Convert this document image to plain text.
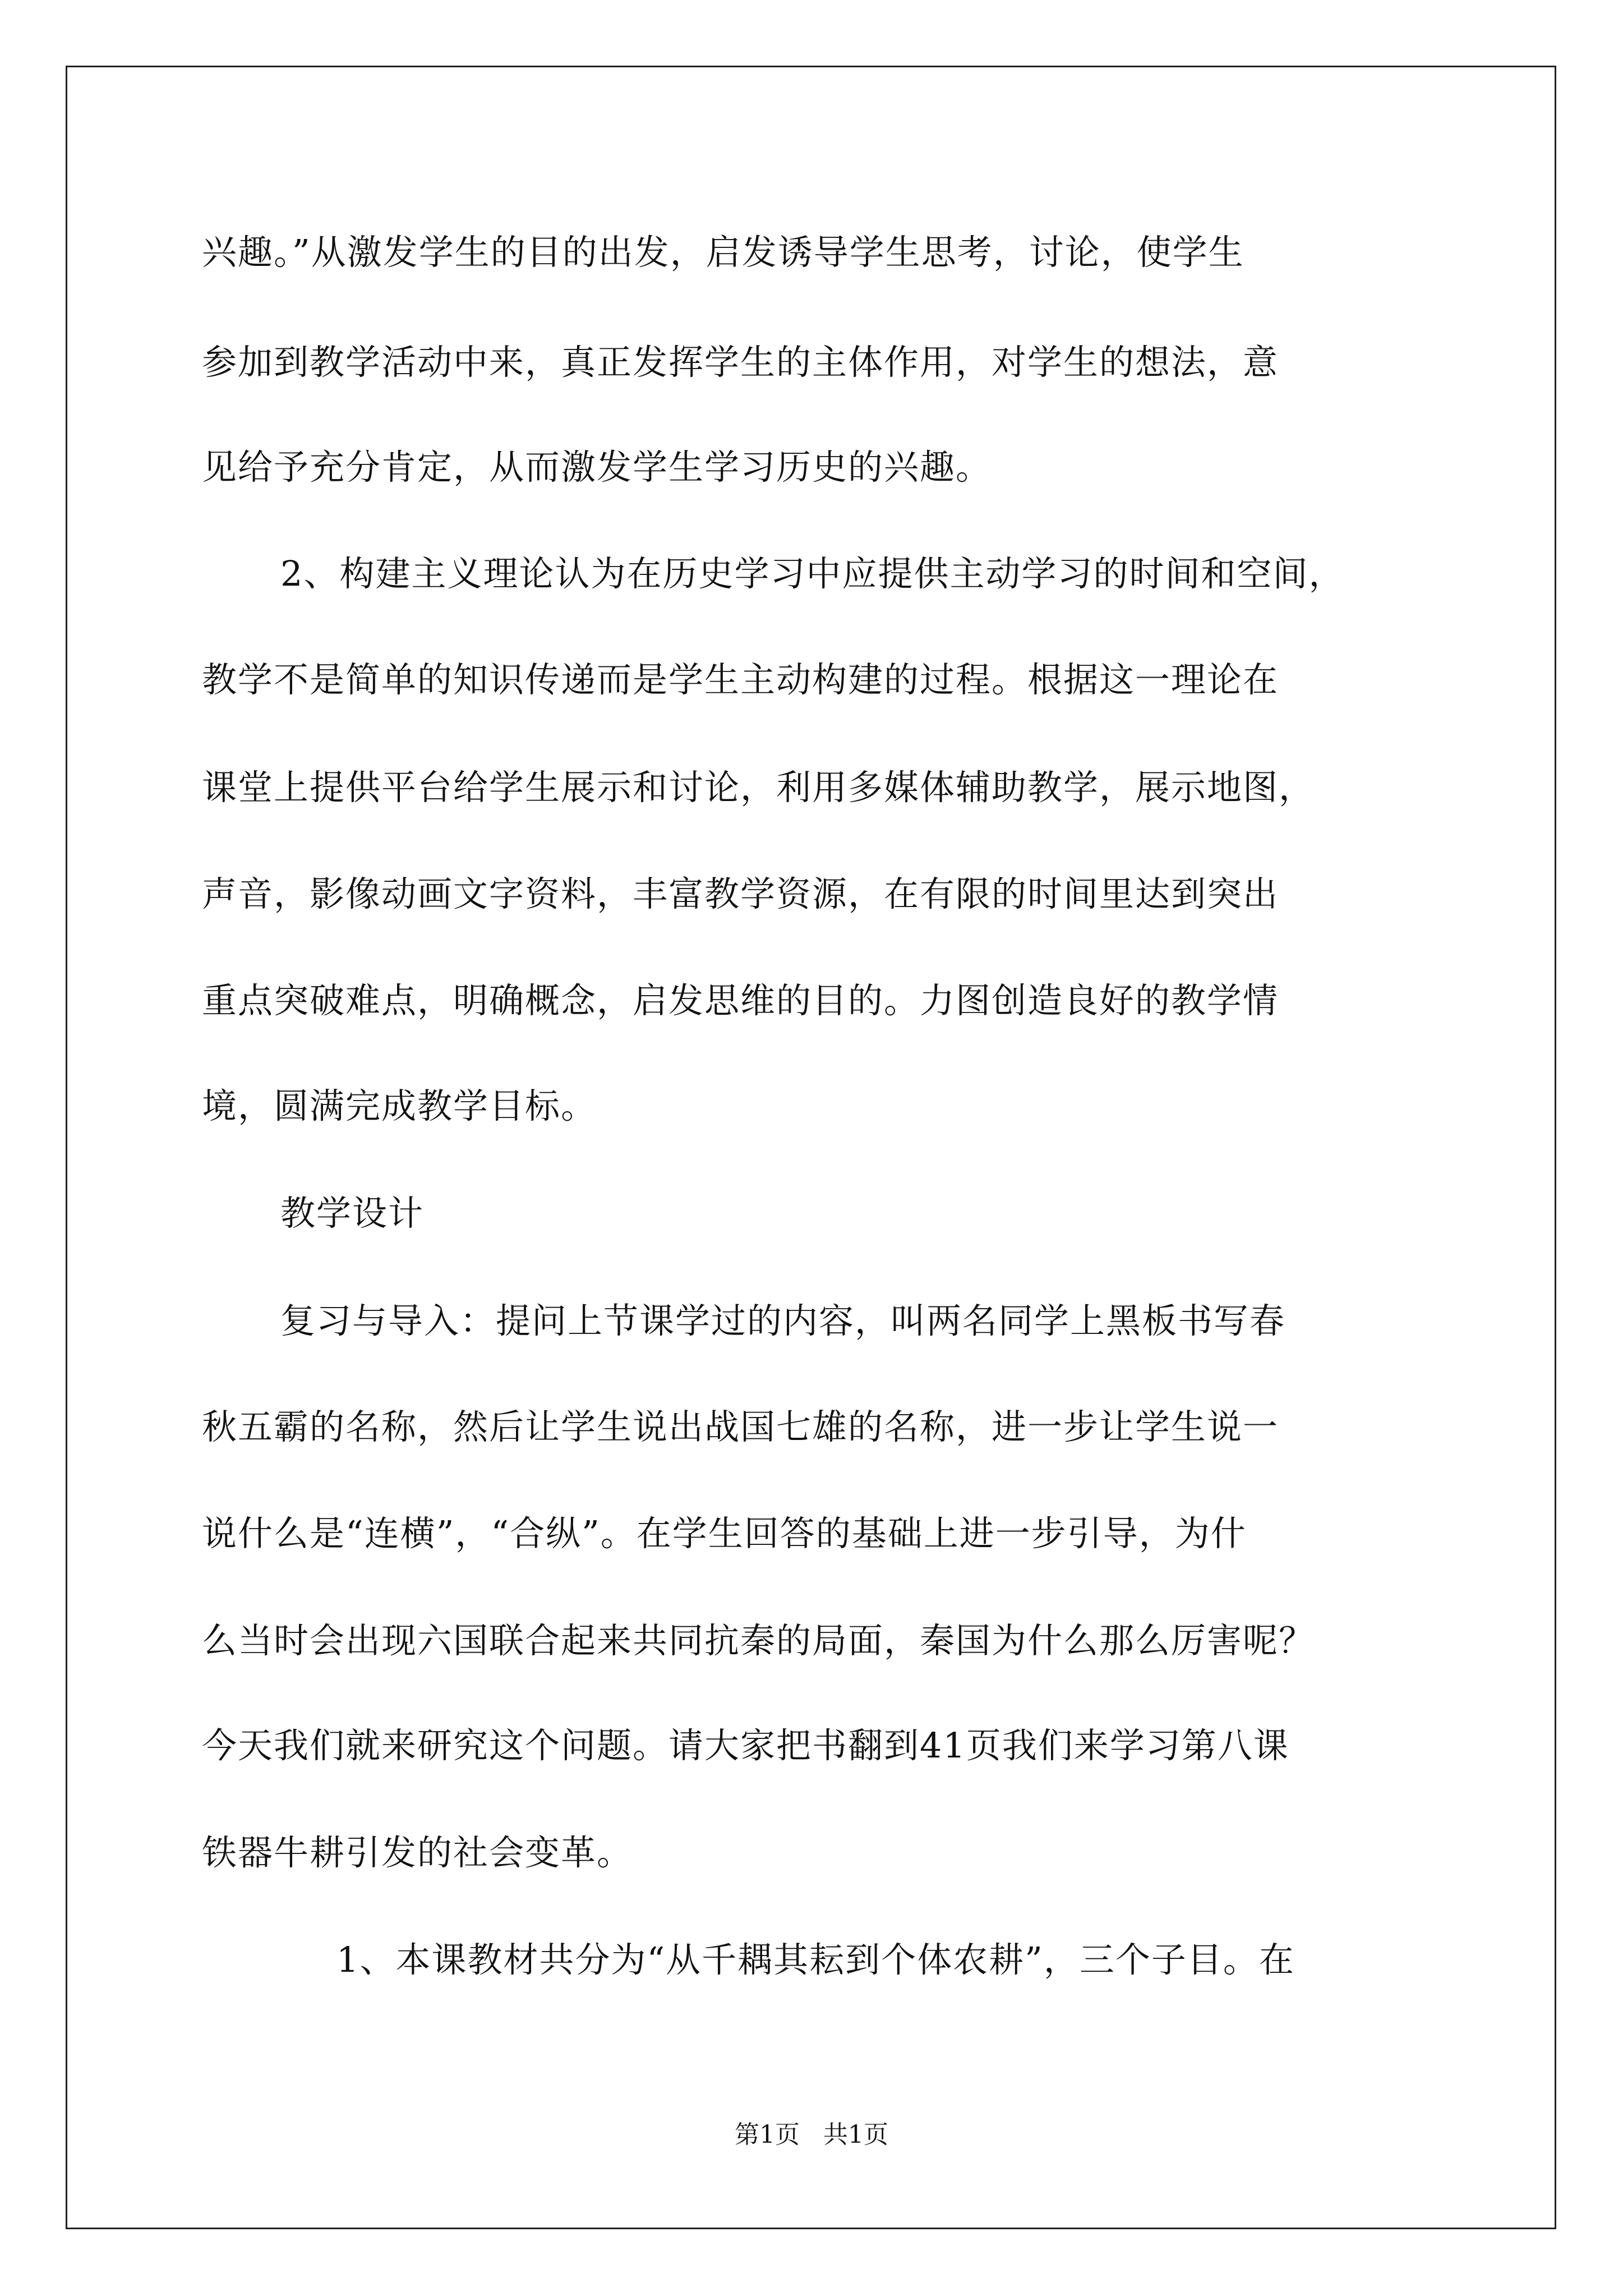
兴趣。”从激发学生的目的出发，启发诱导学生思考，讨论，使学生
参加到教学活动中来，真正发挥学生的主体作用，对学生的想法，意
见给予充分肯定，从而激发学生学习历史的兴趣。
2、构建主义理论认为在历史学习中应提供主动学习的时间和空间，
教学不是简单的知识传递而是学生主动构建的过程。根据这一理论在
课堂上提供平台给学生展示和讨论，利用多媒体辅助教学，展示地图，
声音，影像动画文字资料，丰富教学资源，在有限的时间里达到突出
重点突破难点，明确概念，启发思维的目的。力图创造良好的教学情
境，圆满完成教学目标。
教学设计
复习与导入：提问上节课学过的内容，叫两名同学上黑板书写春
秋五霸的名称，然后让学生说出战国七雄的名称，进一步让学生说一
说什么是“连横”，“合纵”。在学生回答的基础上进一步引导，为什
么当时会出现六国联合起来共同抗秦的局面，秦国为什么那么厉害呢？
今天我们就来研究这个问题。请大家把书翻到41页我们来学习第八课
铁器牛耕引发的社会变革。
1、本课教材共分为“从千耦其耘到个体农耕”，三个子目。在
第1页   共1页
